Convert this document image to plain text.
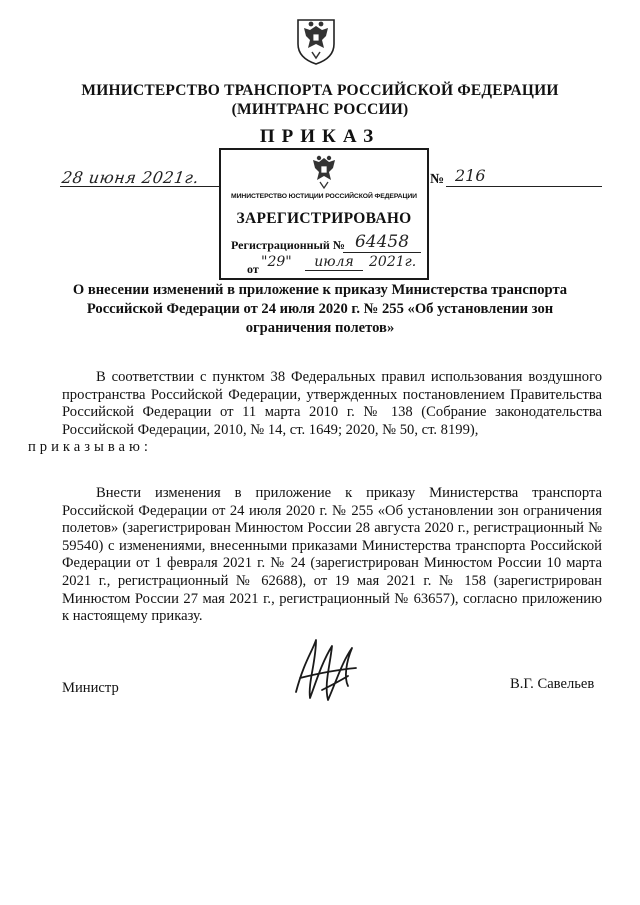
МИНИСТЕРСТВО ТРАНСПОРТА РОССИЙСКОЙ ФЕДЕРАЦИИ

(МИНТРАНС РОССИИ)

ПРИКАЗ

28 июня 2021г.	№ 216
МИНИСТЕРСТВО ЮСТИЦИИ РОССИЙСКОЙ ФЕДЕРАЦИИ
ЗАРЕГИСТРИРОВАНО
Регистрационный № 64458
от "29"	июля	2021г.

О внесении изменений в приложение к приказу Министерства транспорта Российской Федерации от 24 июля 2020 г. № 255 «Об установлении зон ограничения полетов»

В соответствии с пунктом 38 Федеральных правил использования воздушного пространства Российской Федерации, утвержденных постановлением Правительства Российской Федерации от 11 марта 2010 г. № 138 (Собрание законодательства Российской Федерации, 2010, № 14, ст. 1649; 2020, № 50, ст. 8199),
приказываю:

Внести изменения в приложение к приказу Министерства транспорта Российской Федерации от 24 июля 2020 г. № 255 «Об установлении зон ограничения полетов» (зарегистрирован Минюстом России 28 августа 2020 г., регистрационный № 59540) с изменениями, внесенными приказами Министерства транспорта Российской Федерации от 1 февраля 2021 г. № 24 (зарегистрирован Минюстом России 10 марта 2021 г., регистрационный № 62688), от 19 мая 2021 г. № 158 (зарегистрирован Минюстом России 27 мая 2021 г., регистрационный № 63657), согласно приложению к настоящему приказу.

Министр	В.Г. Савельев
